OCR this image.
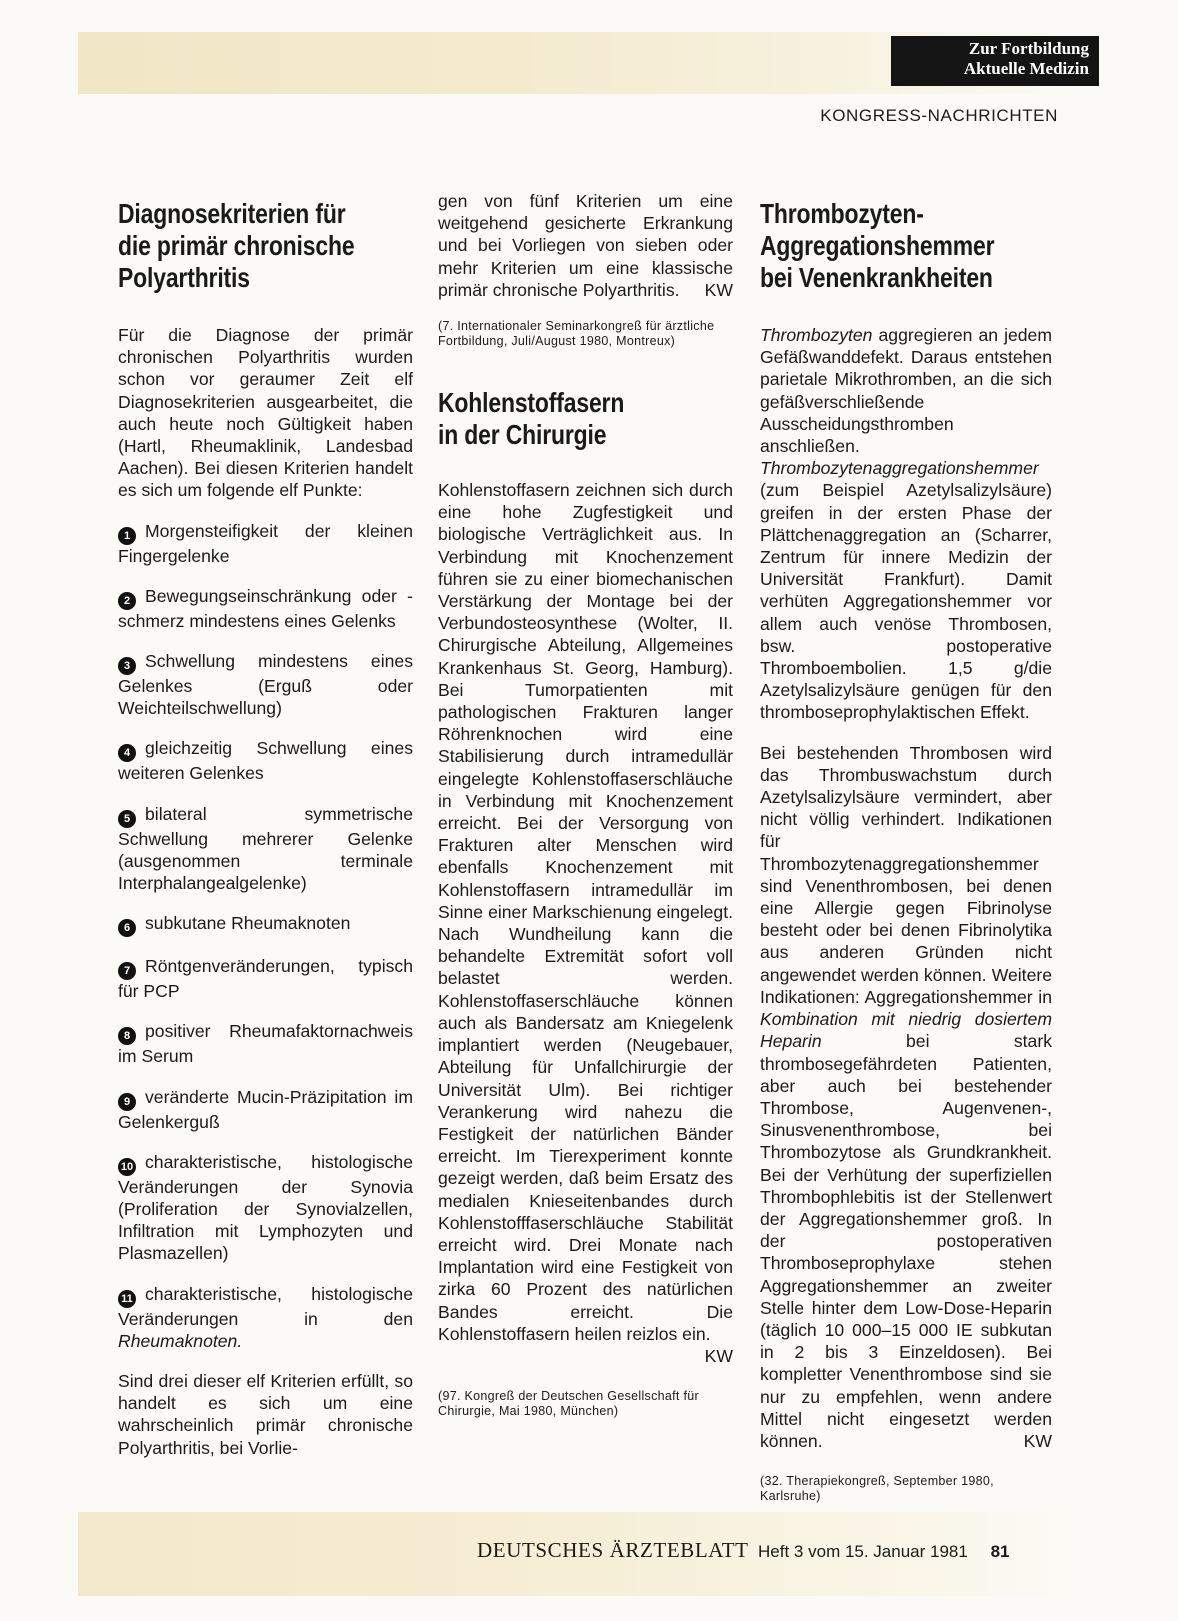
Zur Fortbildung
Aktuelle Medizin
KONGRESS-NACHRICHTEN
Diagnosekriterien für
die primär chronische
Polyarthritis

Für die Diagnose der primär chronischen Polyarthritis wurden schon vor geraumer Zeit elf Diagnosekriterien ausgearbeitet, die auch heute noch Gültigkeit haben (Hartl, Rheumaklinik, Landesbad Aachen). Bei diesen Kriterien handelt es sich um folgende elf Punkte:

1 Morgensteifigkeit der kleinen Fingergelenke

2 Bewegungseinschränkung oder -schmerz mindestens eines Gelenks

3 Schwellung mindestens eines Gelenkes (Erguß oder Weichteilschwellung)

4 gleichzeitig Schwellung eines weiteren Gelenkes

5 bilateral symmetrische Schwellung mehrerer Gelenke (ausgenommen terminale Interphalangealgelenke)

6 subkutane Rheumaknoten

7 Röntgenveränderungen, typisch für PCP

8 positiver Rheumafaktornachweis im Serum

9 veränderte Mucin-Präzipitation im Gelenkerguß

10 charakteristische, histologische Veränderungen der Synovia (Proliferation der Synovialzellen, Infiltration mit Lymphozyten und Plasmazellen)

11 charakteristische, histologische Veränderungen in den Rheumaknoten.

Sind drei dieser elf Kriterien erfüllt, so handelt es sich um eine wahrscheinlich primär chronische Polyarthritis, bei Vorlie-

gen von fünf Kriterien um eine weitgehend gesicherte Erkrankung und bei Vorliegen von sieben oder mehr Kriterien um eine klassische primär chronische Polyarthritis. KW

(7. Internationaler Seminarkongreß für ärztliche Fortbildung, Juli/August 1980, Montreux)

Kohlenstoffasern
in der Chirurgie

Kohlenstoffasern zeichnen sich durch eine hohe Zugfestigkeit und biologische Verträglichkeit aus. In Verbindung mit Knochenzement führen sie zu einer biomechanischen Verstärkung der Montage bei der Verbundosteosynthese (Wolter, II. Chirurgische Abteilung, Allgemeines Krankenhaus St. Georg, Hamburg). Bei Tumorpatienten mit pathologischen Frakturen langer Röhrenknochen wird eine Stabilisierung durch intramedullär eingelegte Kohlenstoffaserschläuche in Verbindung mit Knochenzement erreicht. Bei der Versorgung von Frakturen alter Menschen wird ebenfalls Knochenzement mit Kohlenstoffasern intramedullär im Sinne einer Markschienung eingelegt. Nach Wundheilung kann die behandelte Extremität sofort voll belastet werden. Kohlenstoffaserschläuche können auch als Bandersatz am Kniegelenk implantiert werden (Neugebauer, Abteilung für Unfallchirurgie der Universität Ulm). Bei richtiger Verankerung wird nahezu die Festigkeit der natürlichen Bänder erreicht. Im Tierexperiment konnte gezeigt werden, daß beim Ersatz des medialen Knieseitenbandes durch Kohlenstofffaserschläuche Stabilität erreicht wird. Drei Monate nach Implantation wird eine Festigkeit von zirka 60 Prozent des natürlichen Bandes erreicht. Die Kohlenstoffasern heilen reizlos ein.
KW

(97. Kongreß der Deutschen Gesellschaft für Chirurgie, Mai 1980, München)

Thrombozyten-
Aggregationshemmer
bei Venenkrankheiten

Thrombozyten aggregieren an jedem Gefäßwanddefekt. Daraus entstehen parietale Mikrothromben, an die sich gefäßverschließende Ausscheidungsthromben anschließen. Thrombozytenaggregationshemmer (zum Beispiel Azetylsalizylsäure) greifen in der ersten Phase der Plättchenaggregation an (Scharrer, Zentrum für innere Medizin der Universität Frankfurt). Damit verhüten Aggregationshemmer vor allem auch venöse Thrombosen, bsw. postoperative Thromboembolien. 1,5 g/die Azetylsalizylsäure genügen für den thromboseprophylaktischen Effekt.

Bei bestehenden Thrombosen wird das Thrombuswachstum durch Azetylsalizylsäure vermindert, aber nicht völlig verhindert. Indikationen für Thrombozytenaggregationshemmer sind Venenthrombosen, bei denen eine Allergie gegen Fibrinolyse besteht oder bei denen Fibrinolytika aus anderen Gründen nicht angewendet werden können. Weitere Indikationen: Aggregationshemmer in Kombination mit niedrig dosiertem Heparin bei stark thrombosegefährdeten Patienten, aber auch bei bestehender Thrombose, Augenvenen-, Sinusvenenthrombose, bei Thrombozytose als Grundkrankheit. Bei der Verhütung der superfiziellen Thrombophlebitis ist der Stellenwert der Aggregationshemmer groß. In der postoperativen Thromboseprophylaxe stehen Aggregationshemmer an zweiter Stelle hinter dem Low-Dose-Heparin (täglich 10 000–15 000 IE subkutan in 2 bis 3 Einzeldosen). Bei kompletter Venenthrombose sind sie nur zu empfehlen, wenn andere Mittel nicht eingesetzt werden können.	KW

(32. Therapiekongreß, September 1980, Karlsruhe)

DEUTSCHES ÄRZTEBLATT Heft 3 vom 15. Januar 1981 81
